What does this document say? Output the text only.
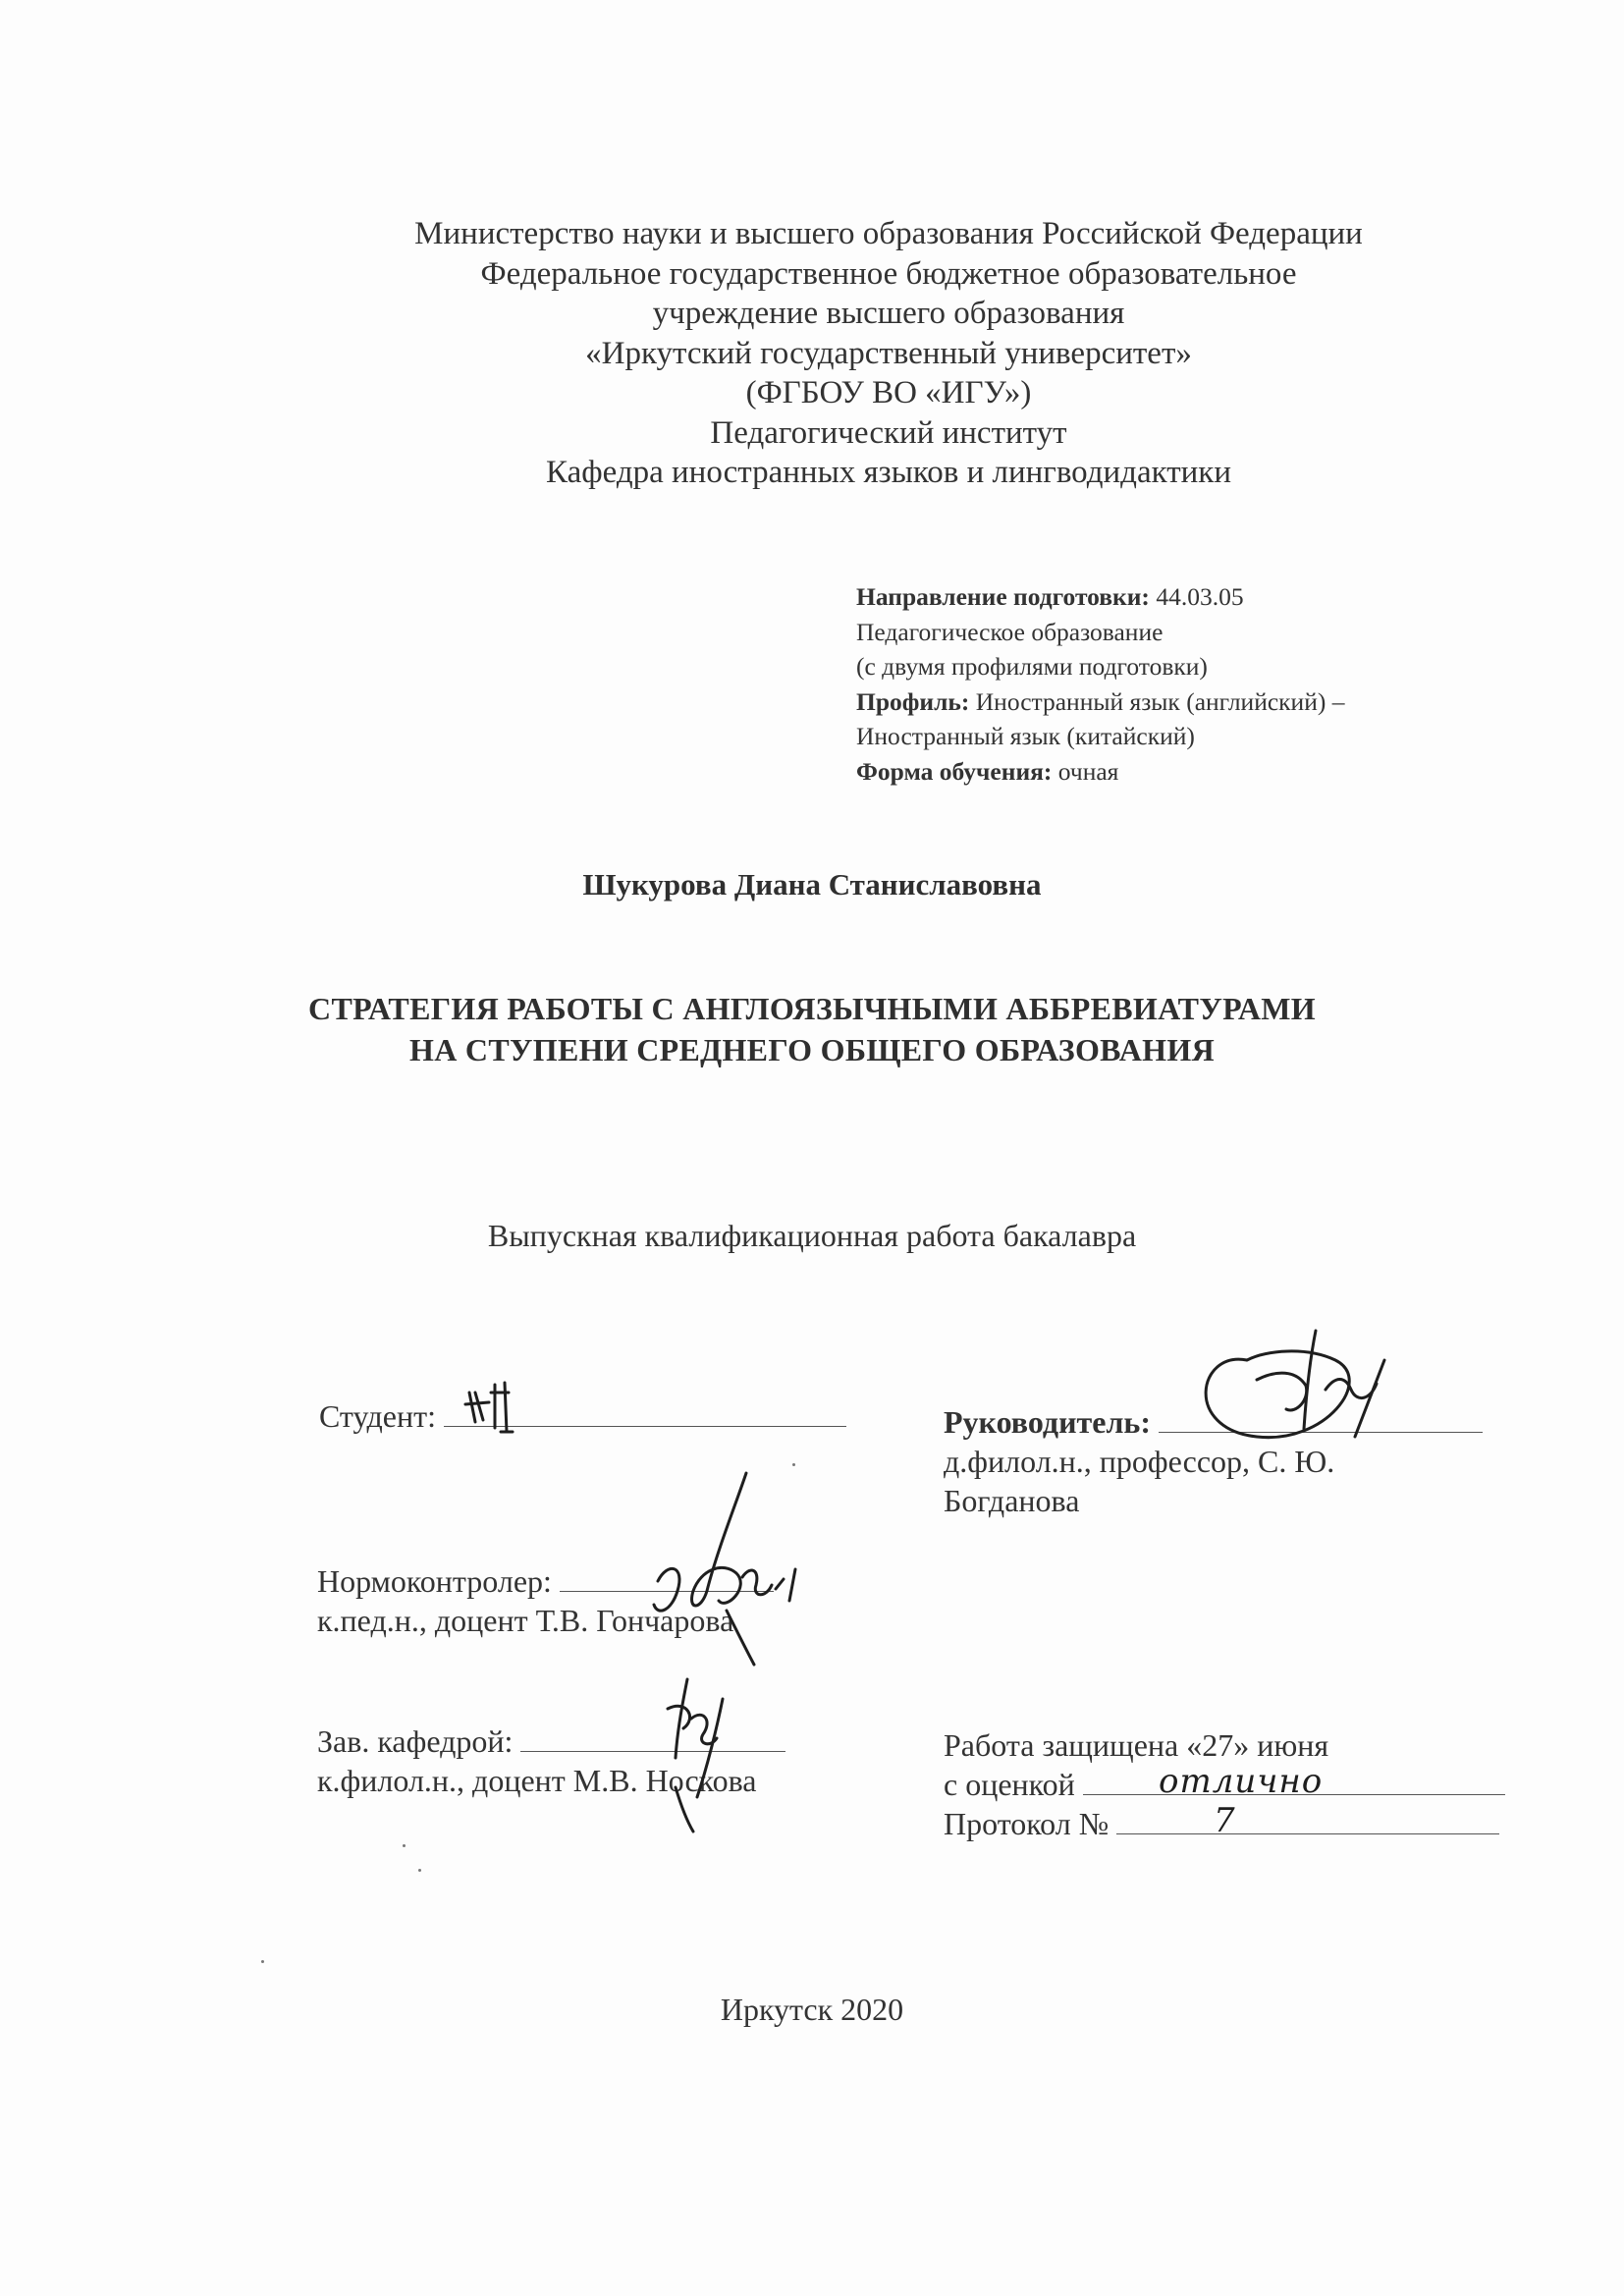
Министерство науки и высшего образования Российской Федерации
Федеральное государственное бюджетное образовательное
учреждение высшего образования
«Иркутский государственный университет»
(ФГБОУ ВО «ИГУ»)
Педагогический институт
Кафедра иностранных языков и лингводидактики
Направление подготовки: 44.03.05
Педагогическое образование
(с двумя профилями подготовки)
Профиль: Иностранный язык (английский) –
Иностранный язык (китайский)
Форма обучения: очная
Шукурова Диана Станиславовна
СТРАТЕГИЯ РАБОТЫ С АНГЛОЯЗЫЧНЫМИ АББРЕВИАТУРАМИ
НА СТУПЕНИ СРЕДНЕГО ОБЩЕГО ОБРАЗОВАНИЯ
Выпускная квалификационная работа бакалавра
Студент:	Руководитель:
д.филол.н., профессор, С. Ю.
Богданова
Нормоконтролер:
к.пед.н., доцент Т.В. Гончарова
Зав. кафедрой:
к.филол.н., доцент М.В. Носкова
Работа защищена «27» июня
с оценкой
Протокол №
отлично
7
Иркутск 2020
